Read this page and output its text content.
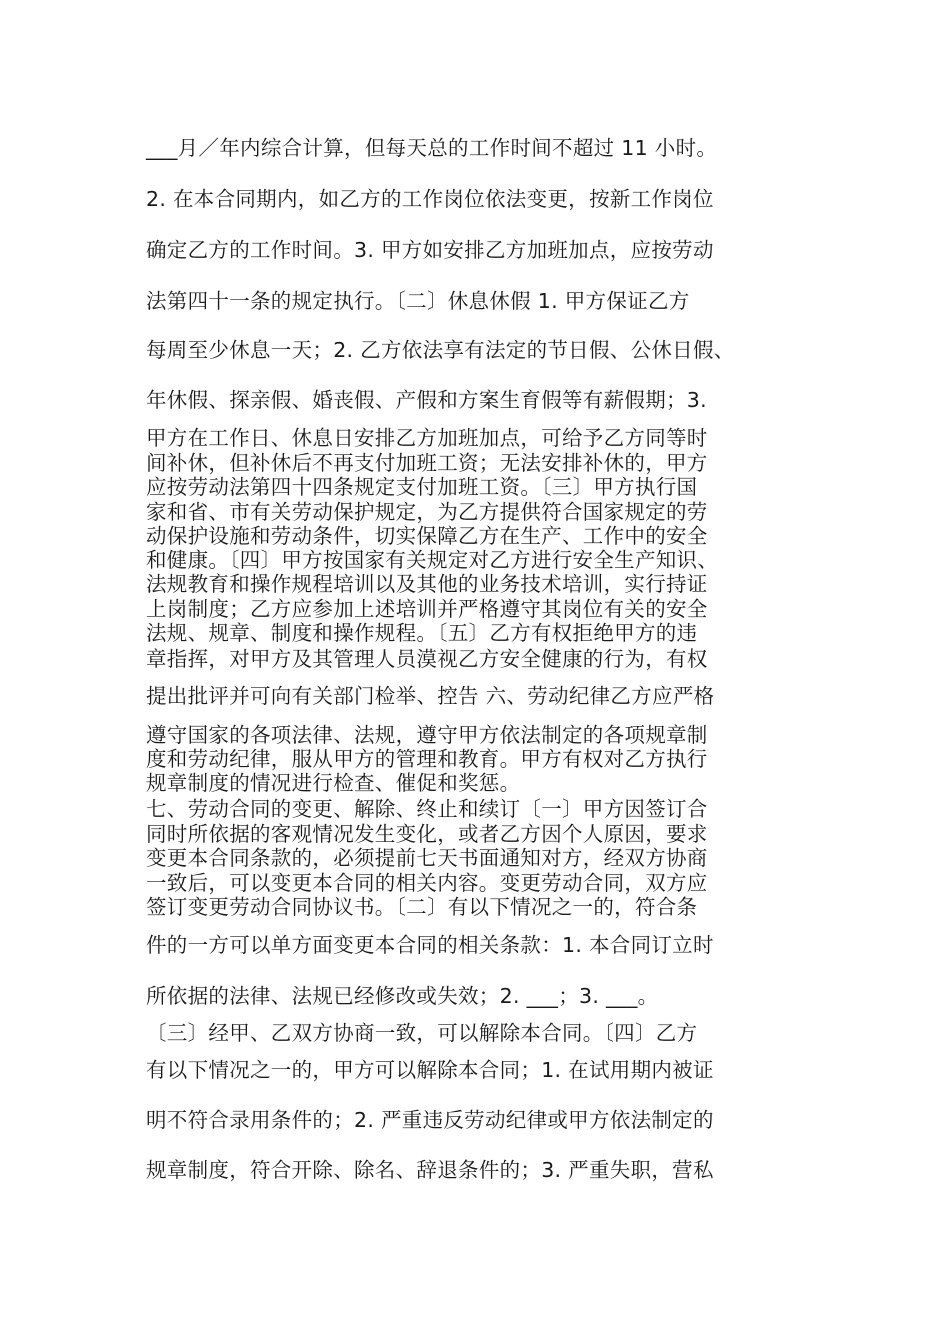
___月／年内综合计算，但每天总的工作时间不超过 11 小时。
2. 在本合同期内，如乙方的工作岗位依法变更，按新工作岗位
确定乙方的工作时间。3. 甲方如安排乙方加班加点，应按劳动
法第四十一条的规定执行。〔二〕休息休假 1. 甲方保证乙方
每周至少休息一天；2. 乙方依法享有法定的节日假、公休日假、
年休假、探亲假、婚丧假、产假和方案生育假等有薪假期；3.
甲方在工作日、休息日安排乙方加班加点，可给予乙方同等时
间补休，但补休后不再支付加班工资；无法安排补休的，甲方
应按劳动法第四十四条规定支付加班工资。〔三〕甲方执行国
家和省、市有关劳动保护规定，为乙方提供符合国家规定的劳
动保护设施和劳动条件，切实保障乙方在生产、工作中的安全
和健康。〔四〕甲方按国家有关规定对乙方进行安全生产知识、
法规教育和操作规程培训以及其他的业务技术培训，实行持证
上岗制度；乙方应参加上述培训并严格遵守其岗位有关的安全
法规、规章、制度和操作规程。〔五〕乙方有权拒绝甲方的违
章指挥，对甲方及其管理人员漠视乙方安全健康的行为，有权
提出批评并可向有关部门检举、控告 六、劳动纪律乙方应严格
遵守国家的各项法律、法规，遵守甲方依法制定的各项规章制
度和劳动纪律，服从甲方的管理和教育。甲方有权对乙方执行
规章制度的情况进行检查、催促和奖惩。
七、劳动合同的变更、解除、终止和续订〔一〕甲方因签订合
同时所依据的客观情况发生变化，或者乙方因个人原因，要求
变更本合同条款的，必须提前七天书面通知对方，经双方协商
一致后，可以变更本合同的相关内容。变更劳动合同，双方应
签订变更劳动合同协议书。〔二〕有以下情况之一的，符合条
件的一方可以单方面变更本合同的相关条款：1. 本合同订立时
所依据的法律、法规已经修改或失效；2. ___；3. ___。
〔三〕经甲、乙双方协商一致，可以解除本合同。〔四〕乙方
有以下情况之一的，甲方可以解除本合同；1. 在试用期内被证
明不符合录用条件的；2. 严重违反劳动纪律或甲方依法制定的
规章制度，符合开除、除名、辞退条件的；3. 严重失职，营私
